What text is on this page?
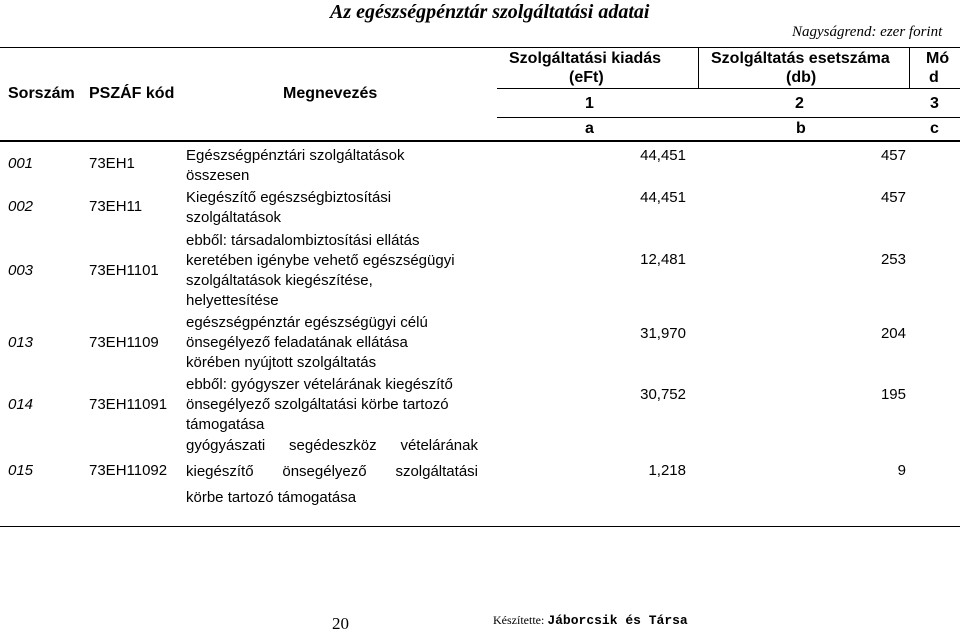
Az egészségpénztár szolgáltatási adatai
Nagyságrend: ezer forint
Sorszám PSZÁF kód	Megnevezés
Szolgáltatási kiadás
(eFt)
Szolgáltatás esetszáma
(db)
Mó
d
1	2	3
a	b	c
001	73EH1	Egészségpénztári szolgáltatások
összesen
44,451	457
002	73EH11
Kiegészítő egészségbiztosítási
szolgáltatások
44,451	457
003	73EH1101
ebből: társadalombiztosítási ellátás
keretében igénybe vehető egészségügyi
szolgáltatások kiegészítése,
helyettesítése
12,481	253
013	73EH1109
egészségpénztár egészségügyi célú
önsegélyező feladatának ellátása
körében nyújtott szolgáltatás
31,970	204
014	73EH11091
ebből: gyógyszer vételárának kiegészítő
önsegélyező szolgáltatási körbe tartozó
támogatása
30,752	195
015	73EH11092
gyógyászati segédeszköz vételárának
kiegészítő önsegélyező szolgáltatási
körbe tartozó támogatása
1,218	9
20	Készítette: Jáborcsik és Társa
